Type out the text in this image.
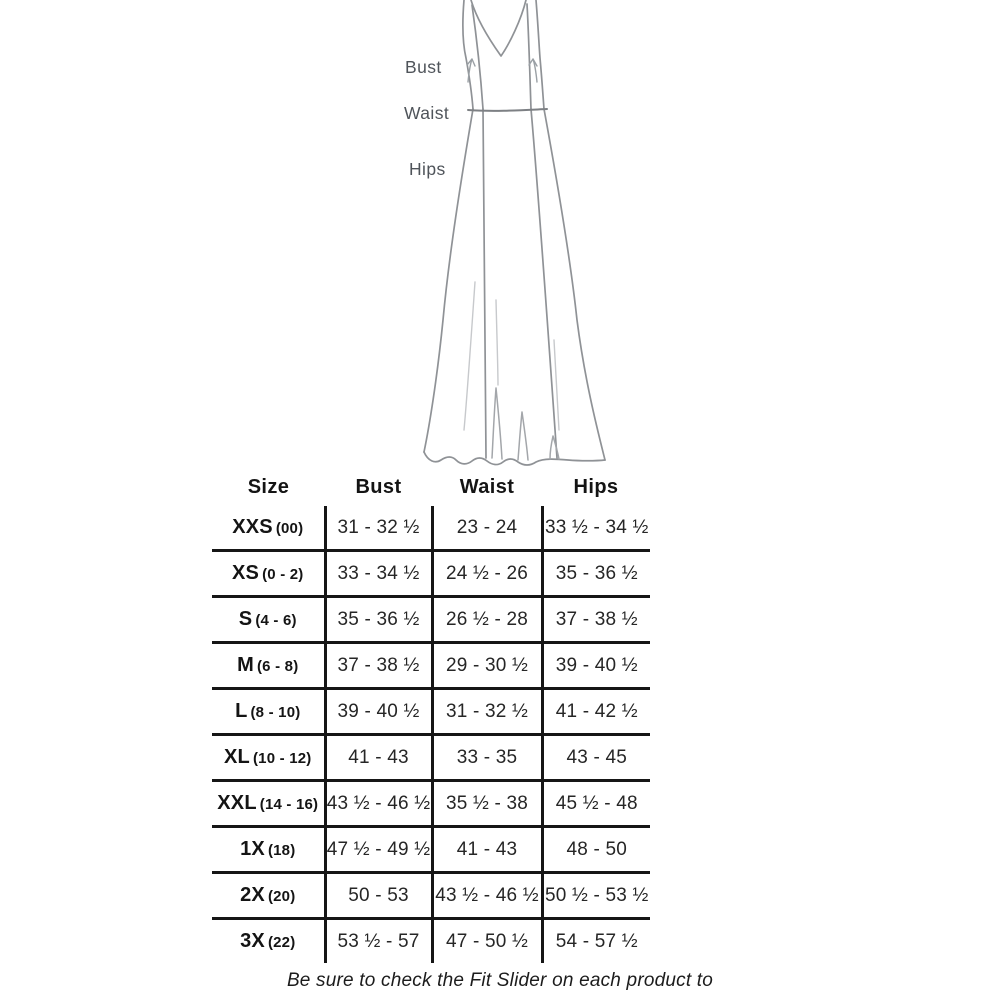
Bust
Waist
Hips
Size	Bust	Waist	Hips
XXS (00)	31 - 32 ½	23 - 24	33 ½ - 34 ½
XS (0 - 2)	33 - 34 ½	24 ½ - 26	35 - 36 ½
S (4 - 6)	35 - 36 ½	26 ½ - 28	37 - 38 ½
M (6 - 8)	37 - 38 ½	29 - 30 ½	39 - 40 ½
L (8 - 10)	39 - 40 ½	31 - 32 ½	41 - 42 ½
XL (10 - 12)	41 - 43	33 - 35	43 - 45
XXL (14 - 16)	43 ½ - 46 ½	35 ½ - 38	45 ½ - 48
1X (18)	47 ½ - 49 ½	41 - 43	48 - 50
2X (20)	50 - 53	43 ½ - 46 ½	50 ½ - 53 ½
3X (22)	53 ½ - 57	47 - 50 ½	54 - 57 ½
Be sure to check the Fit Slider on each product to
